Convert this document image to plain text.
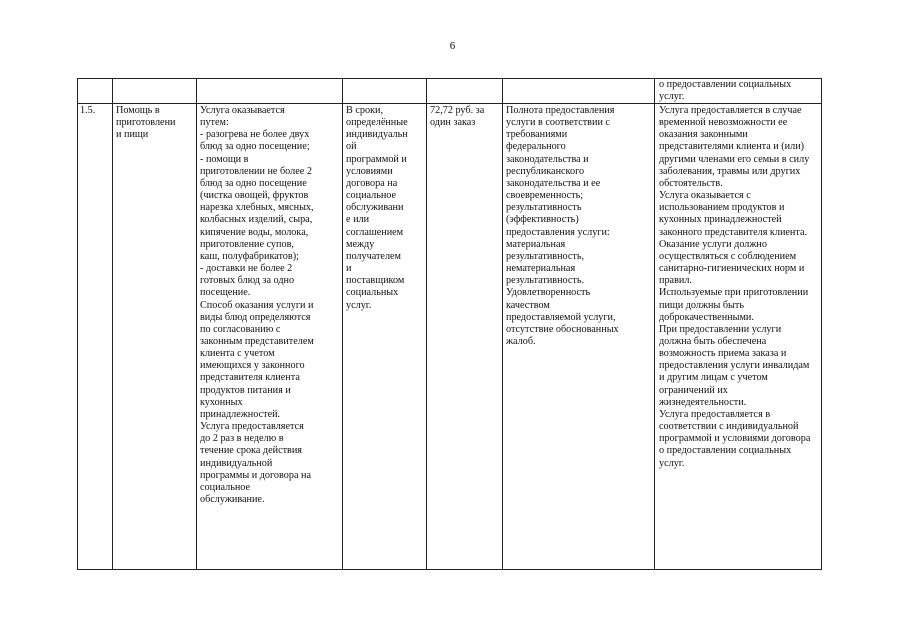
6
о предоставлении социальных
услуг.
1.5. Помощь в
приготовлени
и пищи
Услуга оказывается
путем:
- разогрева не более двух
блюд за одно посещение;
- помощи в
приготовлении не более 2
блюд за одно посещение
(чистка овощей, фруктов
нарезка хлебных, мясных,
колбасных изделий, сыра,
кипячение воды, молока,
приготовление супов,
каш, полуфабрикатов);
- доставки не более 2
готовых блюд за одно
посещение.
Способ оказания услуги и
виды блюд определяются
по согласованию с
законным представителем
клиента с учетом
имеющихся у законного
представителя клиента
продуктов питания и
кухонных
принадлежностей.
Услуга предоставляется
до 2 раз в неделю в
течение срока действия
индивидуальной
программы и договора на
социальное
обслуживание.
В сроки,
определённые
индивидуальн
ой
программой и
условиями
договора на
социальное
обслуживани
е или
соглашением
между
получателем
и
поставщиком
социальных
услуг.
72,72 руб. за
один заказ
Полнота предоставления
услуги в соответствии с
требованиями
федерального
законодательства и
республиканского
законодательства и ее
своевременность;
результативность
(эффективность)
предоставления услуги:
материальная
результативность,
нематериальная
результативность.
Удовлетворенность
качеством
предоставляемой услуги,
отсутствие обоснованных
жалоб.
Услуга предоставляется в случае
временной невозможности ее
оказания законными
представителями клиента и (или)
другими членами его семьи в силу
заболевания, травмы или других
обстоятельств.
Услуга оказывается с
использованием продуктов и
кухонных принадлежностей
законного представителя клиента.
Оказание услуги должно
осуществляться с соблюдением
санитарно-гигиенических норм и
правил.
Используемые при приготовлении
пищи должны быть
доброкачественными.
При предоставлении услуги
должна быть обеспечена
возможность приема заказа и
предоставления услуги инвалидам
и другим лицам с учетом
ограничений их
жизнедеятельности.
Услуга предоставляется в
соответствии с индивидуальной
программой и условиями договора
о предоставлении социальных
услуг.
